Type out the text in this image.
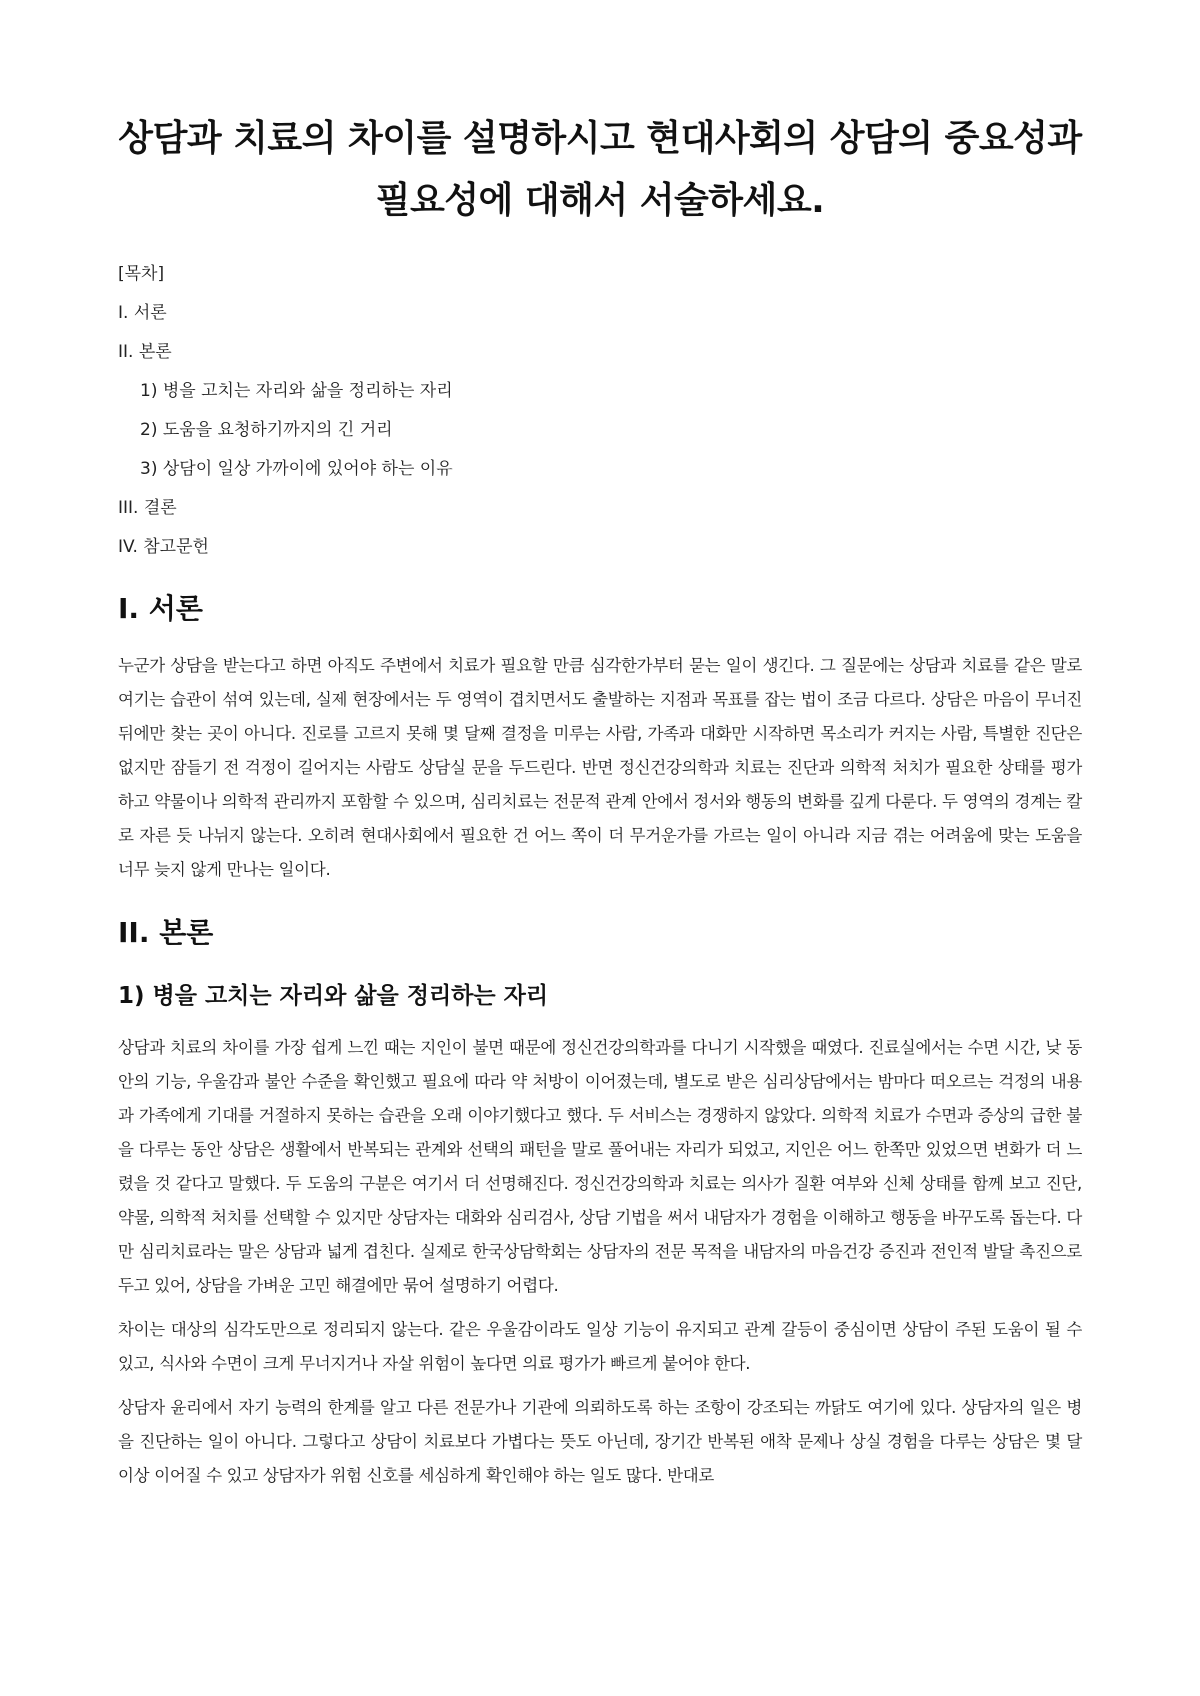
상담과 치료의 차이를 설명하시고 현대사회의 상담의 중요성과 필요성에 대해서 서술하세요.

[목차]

I. 서론

II. 본론

1) 병을 고치는 자리와 삶을 정리하는 자리

2) 도움을 요청하기까지의 긴 거리

3) 상담이 일상 가까이에 있어야 하는 이유

III. 결론

IV. 참고문헌

I. 서론

누군가 상담을 받는다고 하면 아직도 주변에서 치료가 필요할 만큼 심각한가부터 묻는 일이 생긴다. 그 질문에는 상담과 치료를 같은 말로 여기는 습관이 섞여 있는데, 실제 현장에서는 두 영역이 겹치면서도 출발하는 지점과 목표를 잡는 법이 조금 다르다. 상담은 마음이 무너진 뒤에만 찾는 곳이 아니다. 진로를 고르지 못해 몇 달째 결정을 미루는 사람, 가족과 대화만 시작하면 목소리가 커지는 사람, 특별한 진단은 없지만 잠들기 전 걱정이 길어지는 사람도 상담실 문을 두드린다. 반면 정신건강의학과 치료는 진단과 의학적 처치가 필요한 상태를 평가하고 약물이나 의학적 관리까지 포함할 수 있으며, 심리치료는 전문적 관계 안에서 정서와 행동의 변화를 깊게 다룬다. 두 영역의 경계는 칼로 자른 듯 나뉘지 않는다. 오히려 현대사회에서 필요한 건 어느 쪽이 더 무거운가를 가르는 일이 아니라 지금 겪는 어려움에 맞는 도움을 너무 늦지 않게 만나는 일이다.

II. 본론
1) 병을 고치는 자리와 삶을 정리하는 자리

상담과 치료의 차이를 가장 쉽게 느낀 때는 지인이 불면 때문에 정신건강의학과를 다니기 시작했을 때였다. 진료실에서는 수면 시간, 낮 동안의 기능, 우울감과 불안 수준을 확인했고 필요에 따라 약 처방이 이어졌는데, 별도로 받은 심리상담에서는 밤마다 떠오르는 걱정의 내용과 가족에게 기대를 거절하지 못하는 습관을 오래 이야기했다고 했다. 두 서비스는 경쟁하지 않았다. 의학적 치료가 수면과 증상의 급한 불을 다루는 동안 상담은 생활에서 반복되는 관계와 선택의 패턴을 말로 풀어내는 자리가 되었고, 지인은 어느 한쪽만 있었으면 변화가 더 느렸을 것 같다고 말했다. 두 도움의 구분은 여기서 더 선명해진다. 정신건강의학과 치료는 의사가 질환 여부와 신체 상태를 함께 보고 진단, 약물, 의학적 처치를 선택할 수 있지만 상담자는 대화와 심리검사, 상담 기법을 써서 내담자가 경험을 이해하고 행동을 바꾸도록 돕는다. 다만 심리치료라는 말은 상담과 넓게 겹친다. 실제로 한국상담학회는 상담자의 전문 목적을 내담자의 마음건강 증진과 전인적 발달 촉진으로 두고 있어, 상담을 가벼운 고민 해결에만 묶어 설명하기 어렵다.

차이는 대상의 심각도만으로 정리되지 않는다. 같은 우울감이라도 일상 기능이 유지되고 관계 갈등이 중심이면 상담이 주된 도움이 될 수 있고, 식사와 수면이 크게 무너지거나 자살 위험이 높다면 의료 평가가 빠르게 붙어야 한다.

상담자 윤리에서 자기 능력의 한계를 알고 다른 전문가나 기관에 의뢰하도록 하는 조항이 강조되는 까닭도 여기에 있다. 상담자의 일은 병을 진단하는 일이 아니다. 그렇다고 상담이 치료보다 가볍다는 뜻도 아닌데, 장기간 반복된 애착 문제나 상실 경험을 다루는 상담은 몇 달 이상 이어질 수 있고 상담자가 위험 신호를 세심하게 확인해야 하는 일도 많다. 반대로
